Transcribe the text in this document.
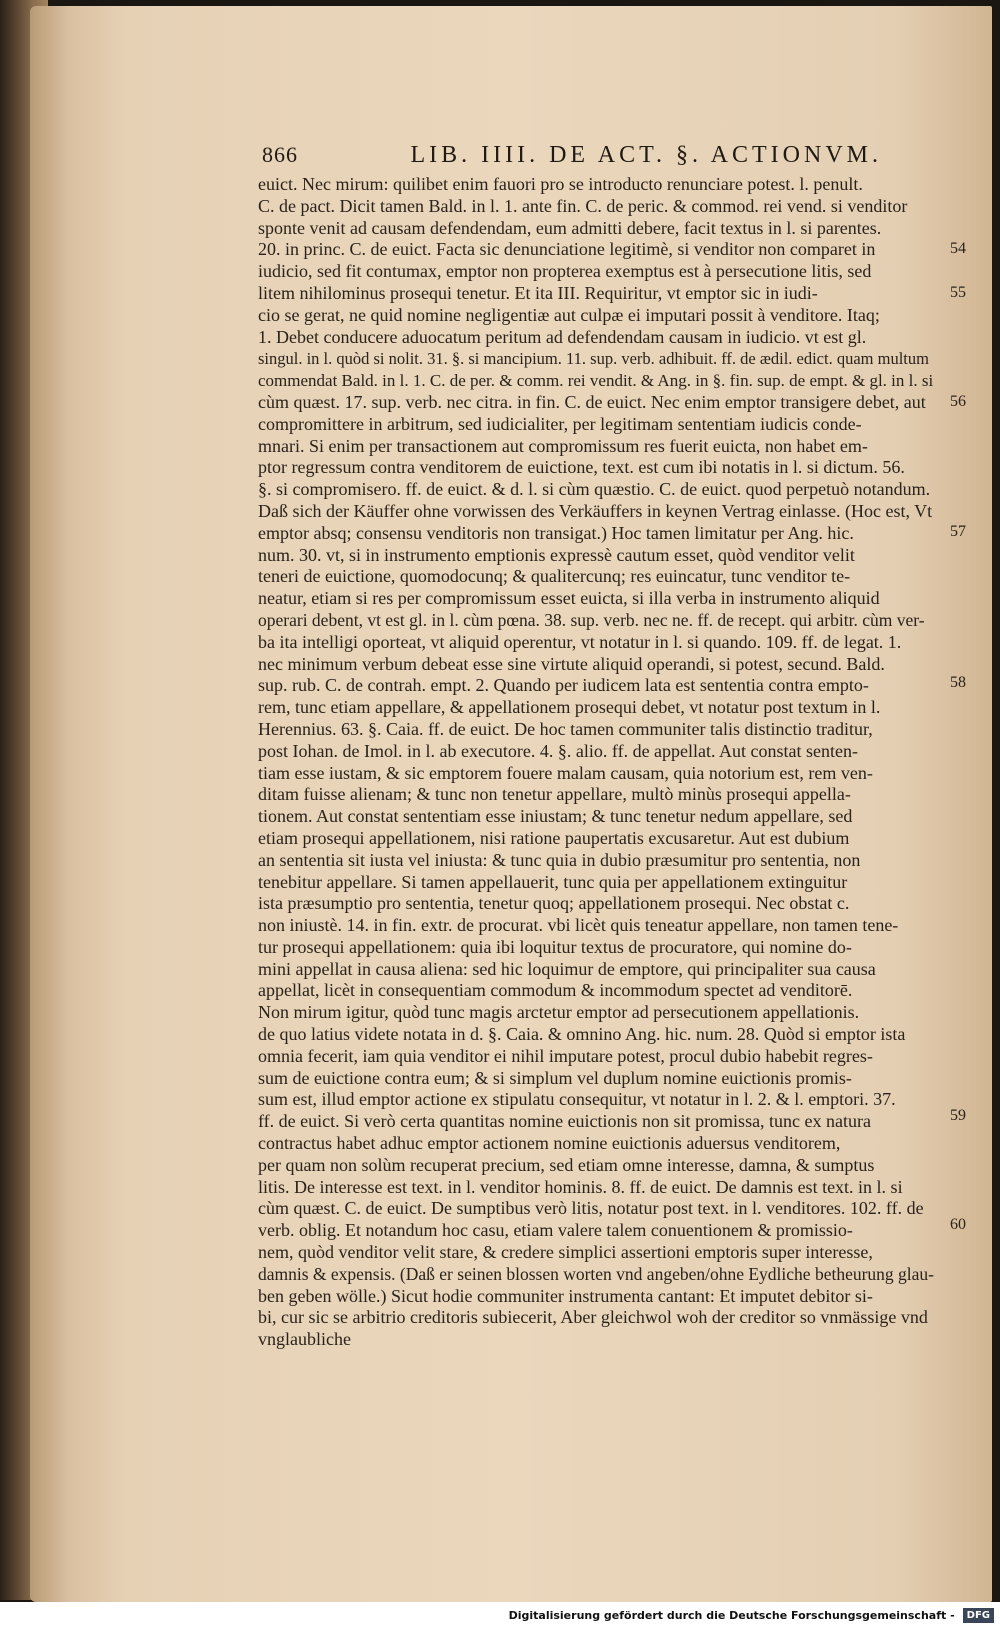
866	LIB. IIII. DE ACT. §. ACTIONVM.
euict. Nec mirum: quilibet enim fauori pro se introducto renunciare potest. l. penult.
C. de pact. Dicit tamen Bald. in l. 1. ante fin. C. de peric. & commod. rei vend. si venditor
sponte venit ad causam defendendam, eum admitti debere, facit textus in l. si parentes.
20. in princ. C. de euict. Facta sic denunciatione legitimè, si venditor non comparet in
iudicio, sed fit contumax, emptor non propterea exemptus est à persecutione litis, sed
litem nihilominus prosequi tenetur. Et ita III. Requiritur, vt emptor sic in iudi-
cio se gerat, ne quid nomine negligentiæ aut culpæ ei imputari possit à venditore. Itaq;
1. Debet conducere aduocatum peritum ad defendendam causam in iudicio. vt est gl.
singul. in l. quòd si nolit. 31. §. si mancipium. 11. sup. verb. adhibuit. ff. de ædil. edict. quam multum
commendat Bald. in l. 1. C. de per. & comm. rei vendit. & Ang. in §. fin. sup. de empt. & gl. in l. si
cùm quæst. 17. sup. verb. nec citra. in fin. C. de euict. Nec enim emptor transigere debet, aut
compromittere in arbitrum, sed iudicialiter, per legitimam sententiam iudicis conde-
mnari. Si enim per transactionem aut compromissum res fuerit euicta, non habet em-
ptor regressum contra venditorem de euictione, text. est cum ibi notatis in l. si dictum. 56.
§. si compromisero. ff. de euict. & d. l. si cùm quæstio. C. de euict. quod perpetuò notandum.
Daß sich der Käuffer ohne vorwissen des Verkäuffers in keynen Vertrag einlasse. (Hoc est, Vt
emptor absq; consensu venditoris non transigat.) Hoc tamen limitatur per Ang. hic.
num. 30. vt, si in instrumento emptionis expressè cautum esset, quòd venditor velit
teneri de euictione, quomodocunq; & qualitercunq; res euincatur, tunc venditor te-
neatur, etiam si res per compromissum esset euicta, si illa verba in instrumento aliquid
operari debent, vt est gl. in l. cùm pœna. 38. sup. verb. nec ne. ff. de recept. qui arbitr. cùm ver-
ba ita intelligi oporteat, vt aliquid operentur, vt notatur in l. si quando. 109. ff. de legat. 1.
nec minimum verbum debeat esse sine virtute aliquid operandi, si potest, secund. Bald.
sup. rub. C. de contrah. empt. 2. Quando per iudicem lata est sententia contra empto-
rem, tunc etiam appellare, & appellationem prosequi debet, vt notatur post textum in l.
Herennius. 63. §. Caia. ff. de euict. De hoc tamen communiter talis distinctio traditur,
post Iohan. de Imol. in l. ab executore. 4. §. alio. ff. de appellat. Aut constat senten-
tiam esse iustam, & sic emptorem fouere malam causam, quia notorium est, rem ven-
ditam fuisse alienam; & tunc non tenetur appellare, multò minùs prosequi appella-
tionem. Aut constat sententiam esse iniustam; & tunc tenetur nedum appellare, sed
etiam prosequi appellationem, nisi ratione paupertatis excusaretur. Aut est dubium
an sententia sit iusta vel iniusta: & tunc quia in dubio præsumitur pro sententia, non
tenebitur appellare. Si tamen appellauerit, tunc quia per appellationem extinguitur
ista præsumptio pro sententia, tenetur quoq; appellationem prosequi. Nec obstat c.
non iniustè. 14. in fin. extr. de procurat. vbi licèt quis teneatur appellare, non tamen tene-
tur prosequi appellationem: quia ibi loquitur textus de procuratore, qui nomine do-
mini appellat in causa aliena: sed hic loquimur de emptore, qui principaliter sua causa
appellat, licèt in consequentiam commodum & incommodum spectet ad venditorē.
Non mirum igitur, quòd tunc magis arctetur emptor ad persecutionem appellationis.
de quo latius videte notata in d. §. Caia. & omnino Ang. hic. num. 28. Quòd si emptor ista
omnia fecerit, iam quia venditor ei nihil imputare potest, procul dubio habebit regres-
sum de euictione contra eum; & si simplum vel duplum nomine euictionis promis-
sum est, illud emptor actione ex stipulatu consequitur, vt notatur in l. 2. & l. emptori. 37.
ff. de euict. Si verò certa quantitas nomine euictionis non sit promissa, tunc ex natura
contractus habet adhuc emptor actionem nomine euictionis aduersus venditorem,
per quam non solùm recuperat precium, sed etiam omne interesse, damna, & sumptus
litis. De interesse est text. in l. venditor hominis. 8. ff. de euict. De damnis est text. in l. si
cùm quæst. C. de euict. De sumptibus verò litis, notatur post text. in l. venditores. 102. ff. de
verb. oblig. Et notandum hoc casu, etiam valere talem conuentionem & promissio-
nem, quòd venditor velit stare, & credere simplici assertioni emptoris super interesse,
damnis & expensis. (Daß er seinen blossen worten vnd angeben/ohne Eydliche betheurung glau-
ben geben wölle.) Sicut hodie communiter instrumenta cantant: Et imputet debitor si-
bi, cur sic se arbitrio creditoris subiecerit, Aber gleichwol woh der creditor so vnmässige vnd
vnglaubliche
54
55
56
57
58
59
60
Digitalisierung gefördert durch die Deutsche Forschungsgemeinschaft -	DFG
